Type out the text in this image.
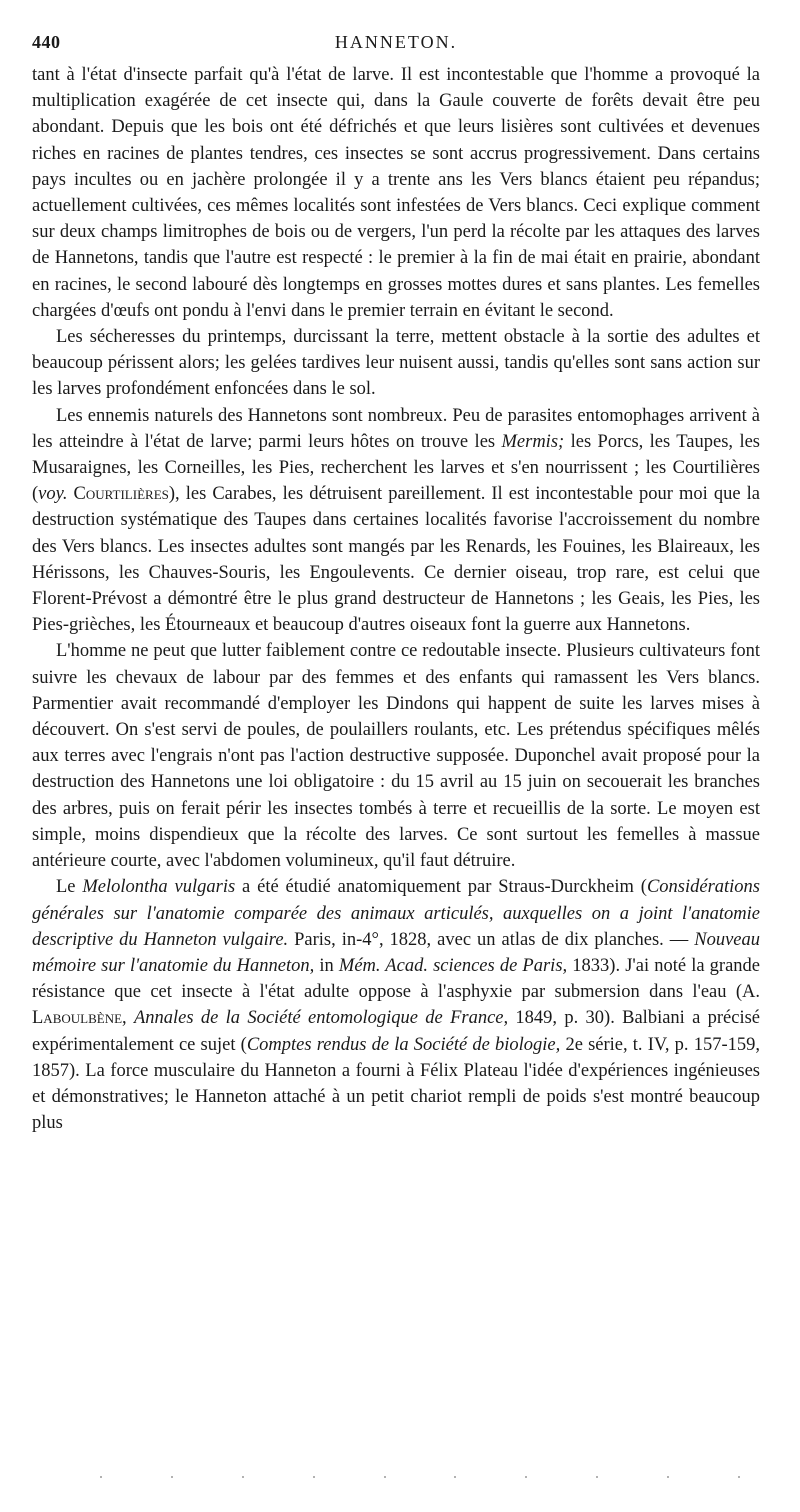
440	HANNETON.

tant à l'état d'insecte parfait qu'à l'état de larve. Il est incontestable que l'homme a provoqué la multiplication exagérée de cet insecte qui, dans la Gaule couverte de forêts devait être peu abondant. Depuis que les bois ont été défrichés et que leurs lisières sont cultivées et devenues riches en racines de plantes tendres, ces insectes se sont accrus progressivement. Dans certains pays incultes ou en jachère prolongée il y a trente ans les Vers blancs étaient peu répandus; actuellement cultivées, ces mêmes localités sont infestées de Vers blancs. Ceci explique comment sur deux champs limitrophes de bois ou de vergers, l'un perd la récolte par les attaques des larves de Hannetons, tandis que l'autre est respecté : le premier à la fin de mai était en prairie, abondant en racines, le second labouré dès longtemps en grosses mottes dures et sans plantes. Les femelles chargées d'œufs ont pondu à l'envi dans le premier terrain en évitant le second.

Les sécheresses du printemps, durcissant la terre, mettent obstacle à la sortie des adultes et beaucoup périssent alors; les gelées tardives leur nuisent aussi, tandis qu'elles sont sans action sur les larves profondément enfoncées dans le sol.

Les ennemis naturels des Hannetons sont nombreux. Peu de parasites entomophages arrivent à les atteindre à l'état de larve; parmi leurs hôtes on trouve les Mermis; les Porcs, les Taupes, les Musaraignes, les Corneilles, les Pies, recherchent les larves et s'en nourrissent ; les Courtilières (voy. Courtilières), les Carabes, les détruisent pareillement. Il est incontestable pour moi que la destruction systématique des Taupes dans certaines localités favorise l'accroissement du nombre des Vers blancs. Les insectes adultes sont mangés par les Renards, les Fouines, les Blaireaux, les Hérissons, les Chauves-Souris, les Engoulevents. Ce dernier oiseau, trop rare, est celui que Florent-Prévost a démontré être le plus grand destructeur de Hannetons ; les Geais, les Pies, les Pies-grièches, les Étourneaux et beaucoup d'autres oiseaux font la guerre aux Hannetons.

L'homme ne peut que lutter faiblement contre ce redoutable insecte. Plusieurs cultivateurs font suivre les chevaux de labour par des femmes et des enfants qui ramassent les Vers blancs. Parmentier avait recommandé d'employer les Dindons qui happent de suite les larves mises à découvert. On s'est servi de poules, de poulaillers roulants, etc. Les prétendus spécifiques mêlés aux terres avec l'engrais n'ont pas l'action destructive supposée. Duponchel avait proposé pour la destruction des Hannetons une loi obligatoire : du 15 avril au 15 juin on secouerait les branches des arbres, puis on ferait périr les insectes tombés à terre et recueillis de la sorte. Le moyen est simple, moins dispendieux que la récolte des larves. Ce sont surtout les femelles à massue antérieure courte, avec l'abdomen volumineux, qu'il faut détruire.

Le Melolontha vulgaris a été étudié anatomiquement par Straus-Durckheim (Considérations générales sur l'anatomie comparée des animaux articulés, auxquelles on a joint l'anatomie descriptive du Hanneton vulgaire. Paris, in-4°, 1828, avec un atlas de dix planches. — Nouveau mémoire sur l'anatomie du Hanneton, in Mém. Acad. sciences de Paris, 1833). J'ai noté la grande résistance que cet insecte à l'état adulte oppose à l'asphyxie par submersion dans l'eau (A. Laboulbène, Annales de la Société entomologique de France, 1849, p. 30). Balbiani a précisé expérimentalement ce sujet (Comptes rendus de la Société de biologie, 2e série, t. IV, p. 157-159, 1857). La force musculaire du Hanneton a fourni à Félix Plateau l'idée d'expériences ingénieuses et démonstratives; le Hanneton attaché à un petit chariot rempli de poids s'est montré beaucoup plus
